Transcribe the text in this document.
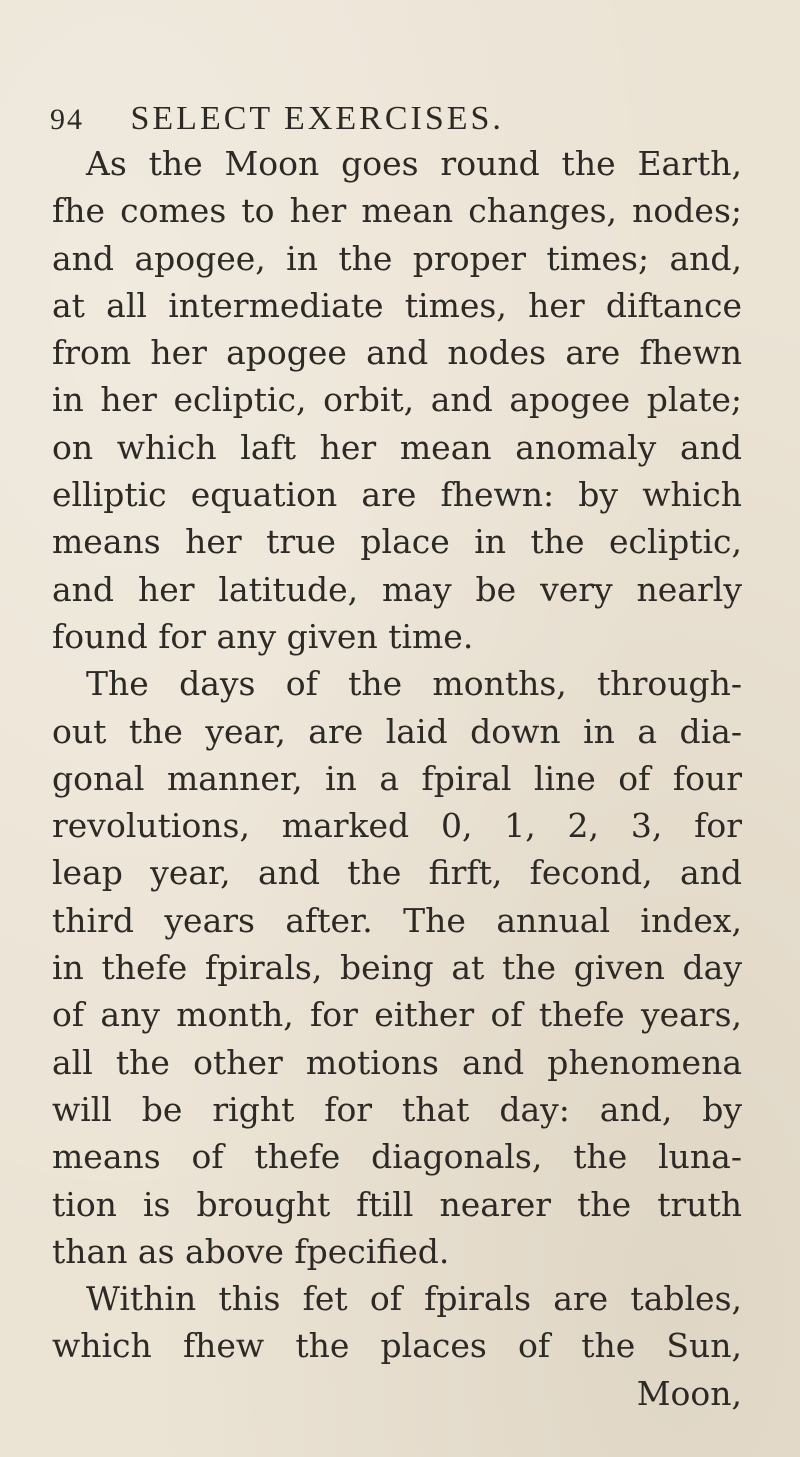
94 SELECT EXERCISES.
As the Moon goes round the Earth,
fhe comes to her mean changes, nodes;
and apogee, in the proper times; and,
at all intermediate times, her diftance
from her apogee and nodes are fhewn
in her ecliptic, orbit, and apogee plate;
on which laft her mean anomaly and
elliptic equation are fhewn: by which
means her true place in the ecliptic,
and her latitude, may be very nearly
found for any given time.
The days of the months, through-
out the year, are laid down in a dia-
gonal manner, in a fpiral line of four
revolutions, marked 0, 1, 2, 3, for
leap year, and the firft, fecond, and
third years after. The annual index,
in thefe fpirals, being at the given day
of any month, for either of thefe years,
all the other motions and phenomena
will be right for that day: and, by
means of thefe diagonals, the luna-
tion is brought ftill nearer the truth
than as above fpecified.
Within this fet of fpirals are tables,
which fhew the places of the Sun,
Moon,
